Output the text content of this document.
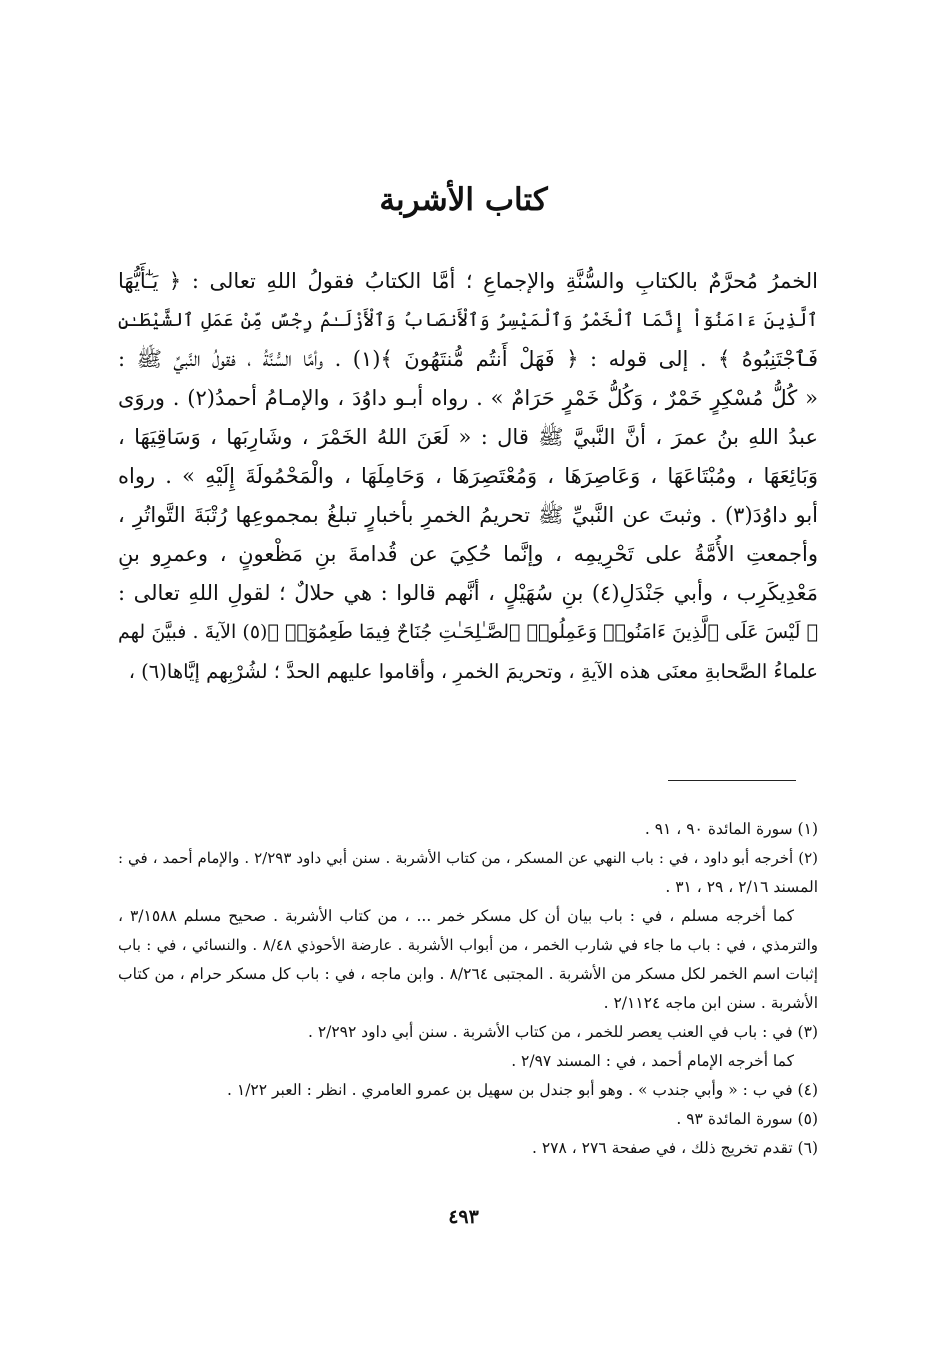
كتاب الأشربة
الخمرُ مُحرَّمٌ بالكتابِ والسُّنَّةِ والإجماعِ ؛ أمَّا الكتابُ فقولُ اللهِ تعالى : ﴿ يَـٰٓأَيُّهَا
ٱلَّذِينَ ءَامَنُوٓاْ إِنَّمَا ٱلْخَمْرُ وَٱلْمَيْسِرُ وَٱلْأَنصَابُ وَٱلْأَزْلَـٰمُ رِجْسٌ مِّنْ عَمَلِ ٱلشَّيْطَـٰنِ
فَٱجْتَنِبُوهُ ﴾ . إلى قوله : ﴿ فَهَلْ أَنتُم مُّنتَهُونَ ﴾(١) . وأمَّا السُّنَّةُ ، فقولُ النَّبيِّ ﷺ :
« كُلُّ مُسْكِرٍ خَمْرٌ ، وَكُلُّ خَمْرٍ حَرَامٌ » . رواه أبـو داوُدَ ، والإمـامُ أحمدُ(٢) . وروَى
عبدُ اللهِ بنُ عمرَ ، أنَّ النَّبيَّ ﷺ قال : « لَعَنَ اللهُ الخَمْرَ ، وشَارِبَها ، وَسَاقِيَهَا ،
وَبَائِعَهَا ، ومُبْتَاعَهَا ، وَعَاصِرَهَا ، وَمُعْتَصِرَهَا ، وَحَامِلَهَا ، والْمَحْمُولَةَ إِلَيْهِ » . رواه
أبو داوُدَ(٣) . وثبتَ عن النَّبيِّ ﷺ تحريمُ الخمرِ بأخبارٍ تبلغُ بمجموعِها رُتْبَةَ التَّواتُرِ ،
وأجمعتِ الأُمَّةُ على تَحْرِيمِه ، وإنَّما حُكِيَ عن قُدامةَ بنِ مَظْعونٍ ، وعمرِو بنِ
مَعْدِيكَرِب ، وأبي جَنْدَلِ(٤) بنِ سُهَيْلٍ ، أنَّهم قالوا : هي حلالٌ ؛ لقولِ اللهِ تعالى :
﴿ لَيْسَ عَلَى ٱلَّذِينَ ءَامَنُوا۟ وَعَمِلُوا۟ ٱلصَّـٰلِحَـٰتِ جُنَاحٌ فِيمَا طَعِمُوٓا۟ ﴾(٥) الآيةَ . فبيَّنَ لهم
علماءُ الصَّحابةِ معنَى هذه الآيةِ ، وتحريمَ الخمرِ ، وأقاموا عليهم الحدَّ ؛ لشُرْبِهم إيَّاها(٦) ،
(١) سورة المائدة ٩٠ ، ٩١ .
(٢) أخرجه أبو داود ، في : باب النهي عن المسكر ، من كتاب الأشربة . سنن أبي داود ٢/٢٩٣ . والإمام أحمد ، في :
المسند ٢/١٦ ، ٢٩ ، ٣١ .
كما أخرجه مسلم ، في : باب بيان أن كل مسكر خمر ... ، من كتاب الأشربة . صحيح مسلم ٣/١٥٨٨ ،
والترمذي ، في : باب ما جاء في شارب الخمر ، من أبواب الأشربة . عارضة الأحوذي ٨/٤٨ . والنسائي ، في : باب
إثبات اسم الخمر لكل مسكر من الأشربة . المجتبى ٨/٢٦٤ . وابن ماجه ، في : باب كل مسكر حرام ، من كتاب
الأشربة . سنن ابن ماجه ٢/١١٢٤ .
(٣) في : باب في العنب يعصر للخمر ، من كتاب الأشربة . سنن أبي داود ٢/٢٩٢ .
كما أخرجه الإمام أحمد ، في : المسند ٢/٩٧ .
(٤) في ب : « وأبي جندب » . وهو أبو جندل بن سهيل بن عمرو العامري . انظر : العبر ١/٢٢ .
(٥) سورة المائدة ٩٣ .
(٦) تقدم تخريج ذلك ، في صفحة ٢٧٦ ، ٢٧٨ .
٤٩٣
